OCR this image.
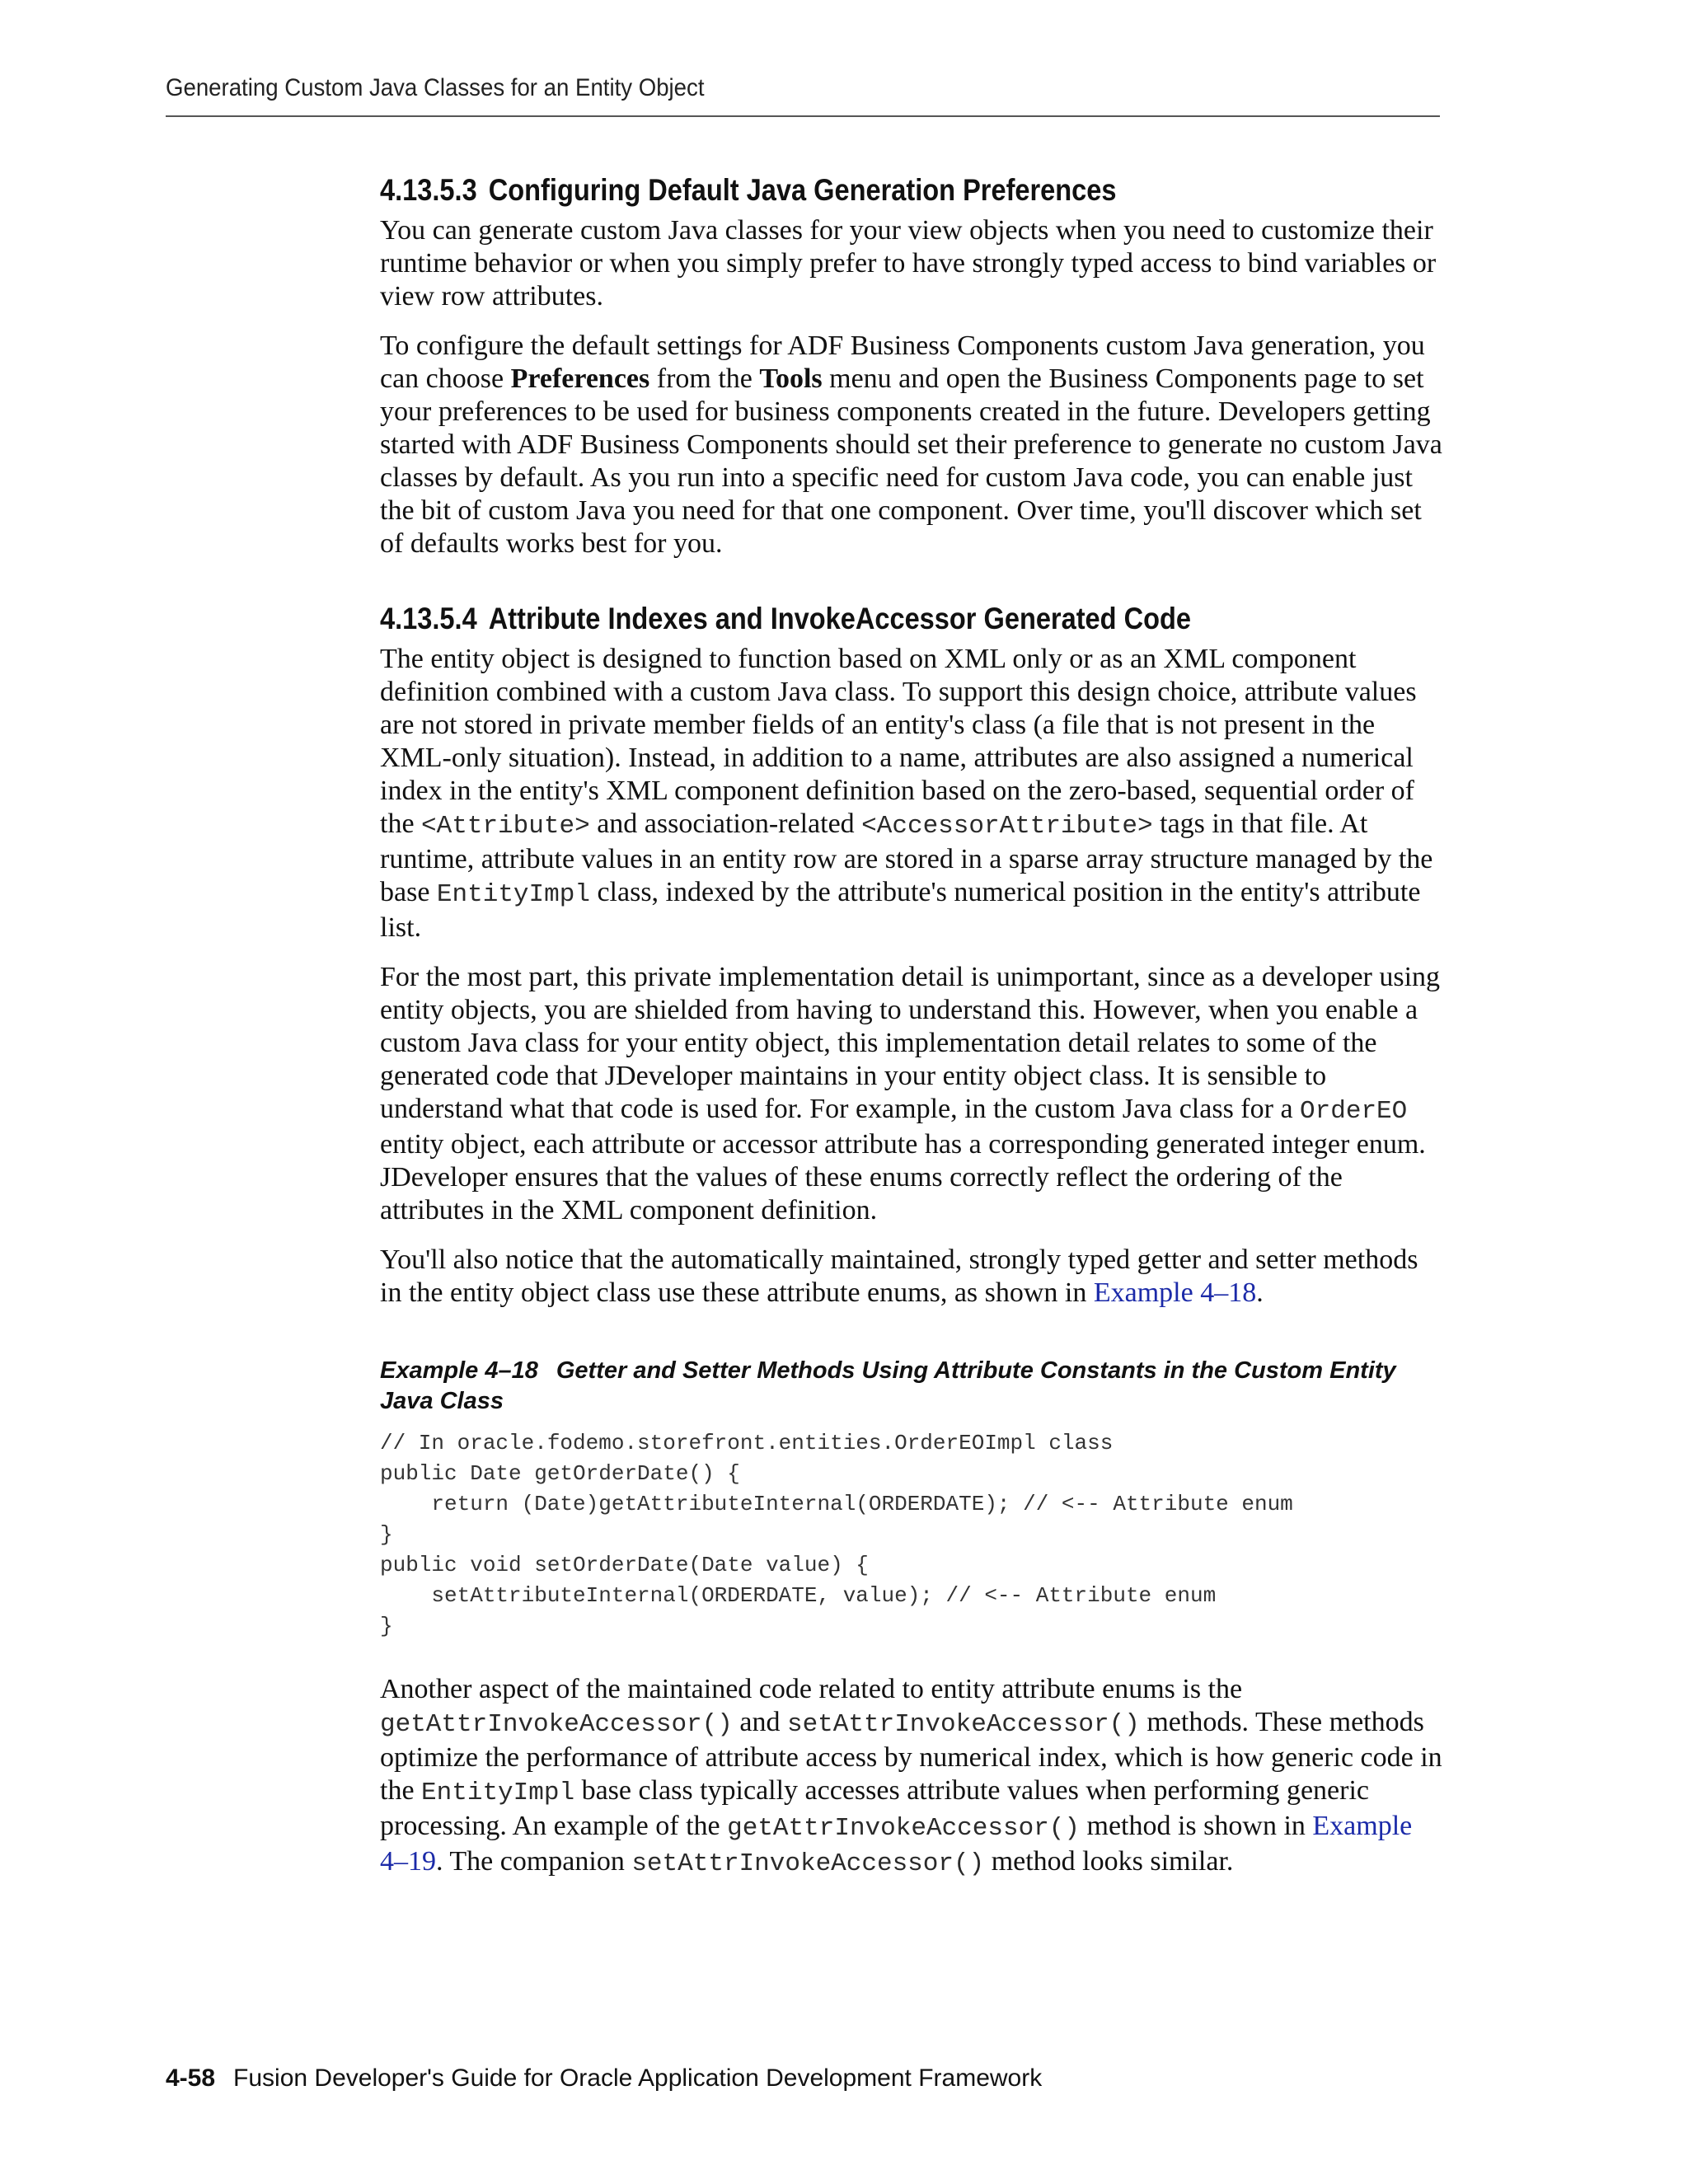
Generating Custom Java Classes for an Entity Object
4.13.5.3 Configuring Default Java Generation Preferences

You can generate custom Java classes for your view objects when you need to customize their runtime behavior or when you simply prefer to have strongly typed access to bind variables or view row attributes.

To configure the default settings for ADF Business Components custom Java generation, you can choose Preferences from the Tools menu and open the Business Components page to set your preferences to be used for business components created in the future. Developers getting started with ADF Business Components should set their preference to generate no custom Java classes by default. As you run into a specific need for custom Java code, you can enable just the bit of custom Java you need for that one component. Over time, you'll discover which set of defaults works best for you.

4.13.5.4 Attribute Indexes and InvokeAccessor Generated Code

The entity object is designed to function based on XML only or as an XML component definition combined with a custom Java class. To support this design choice, attribute values are not stored in private member fields of an entity's class (a file that is not present in the XML-only situation). Instead, in addition to a name, attributes are also assigned a numerical index in the entity's XML component definition based on the zero-based, sequential order of the <Attribute> and association-related <AccessorAttribute> tags in that file. At runtime, attribute values in an entity row are stored in a sparse array structure managed by the base EntityImpl class, indexed by the attribute's numerical position in the entity's attribute list.

For the most part, this private implementation detail is unimportant, since as a developer using entity objects, you are shielded from having to understand this. However, when you enable a custom Java class for your entity object, this implementation detail relates to some of the generated code that JDeveloper maintains in your entity object class. It is sensible to understand what that code is used for. For example, in the custom Java class for a OrderEO entity object, each attribute or accessor attribute has a corresponding generated integer enum. JDeveloper ensures that the values of these enums correctly reflect the ordering of the attributes in the XML component definition.

You'll also notice that the automatically maintained, strongly typed getter and setter methods in the entity object class use these attribute enums, as shown in Example 4–18.

Example 4–18 Getter and Setter Methods Using Attribute Constants in the Custom Entity Java Class
// In oracle.fodemo.storefront.entities.OrderEOImpl class
public Date getOrderDate() {
return (Date)getAttributeInternal(ORDERDATE); // <-- Attribute enum
}
public void setOrderDate(Date value) {
setAttributeInternal(ORDERDATE, value); // <-- Attribute enum
}

Another aspect of the maintained code related to entity attribute enums is the getAttrInvokeAccessor() and setAttrInvokeAccessor() methods. These methods optimize the performance of attribute access by numerical index, which is how generic code in the EntityImpl base class typically accesses attribute values when performing generic processing. An example of the getAttrInvokeAccessor() method is shown in Example 4–19. The companion setAttrInvokeAccessor() method looks similar.

4-58 Fusion Developer's Guide for Oracle Application Development Framework
